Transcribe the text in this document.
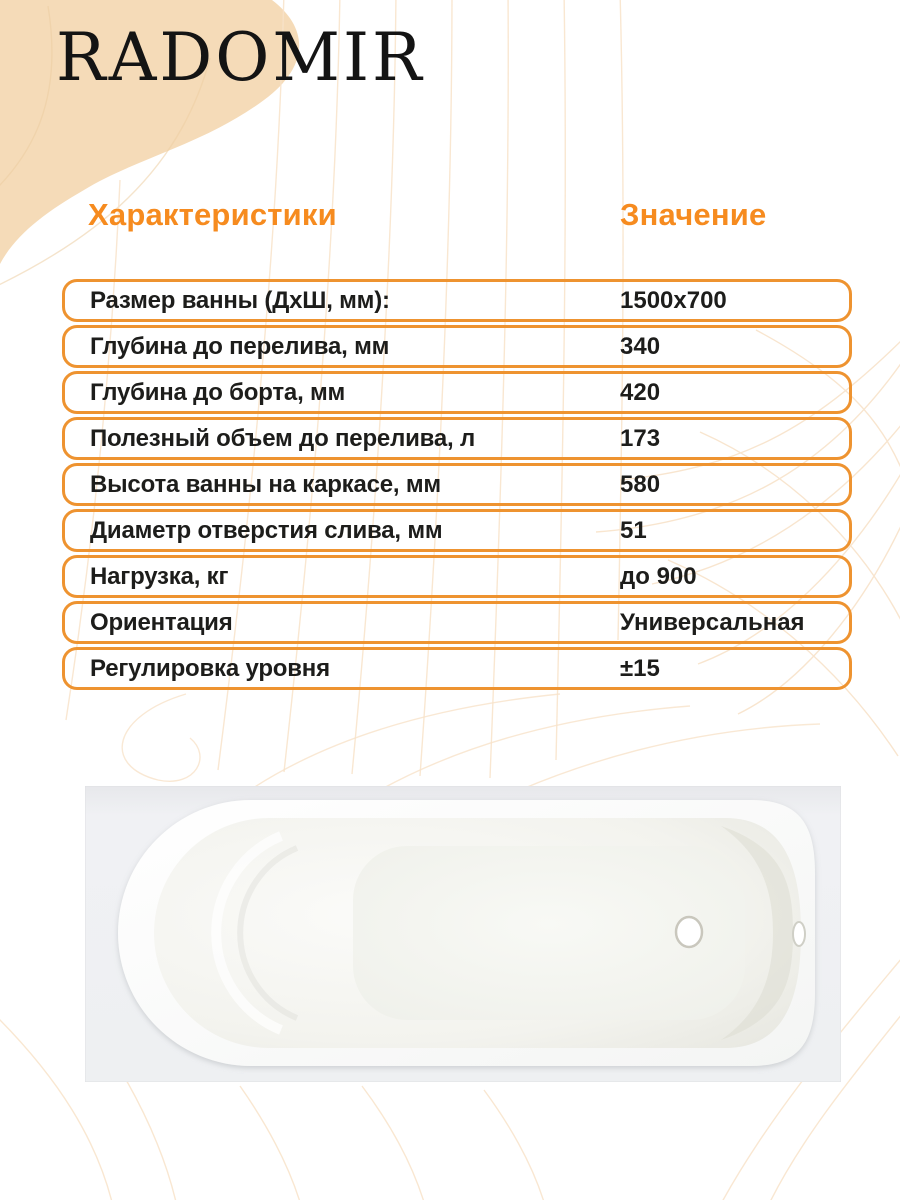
RADOMIR
Характеристики	Значение
Размер ванны (ДхШ, мм):	1500x700
Глубина до перелива, мм	340
Глубина до борта, мм	420
Полезный объем до перелива, л	173
Высота ванны на каркасе, мм	580
Диаметр отверстия слива, мм	51
Нагрузка, кг	до 900
Ориентация	Универсальная
Регулировка уровня	±15
